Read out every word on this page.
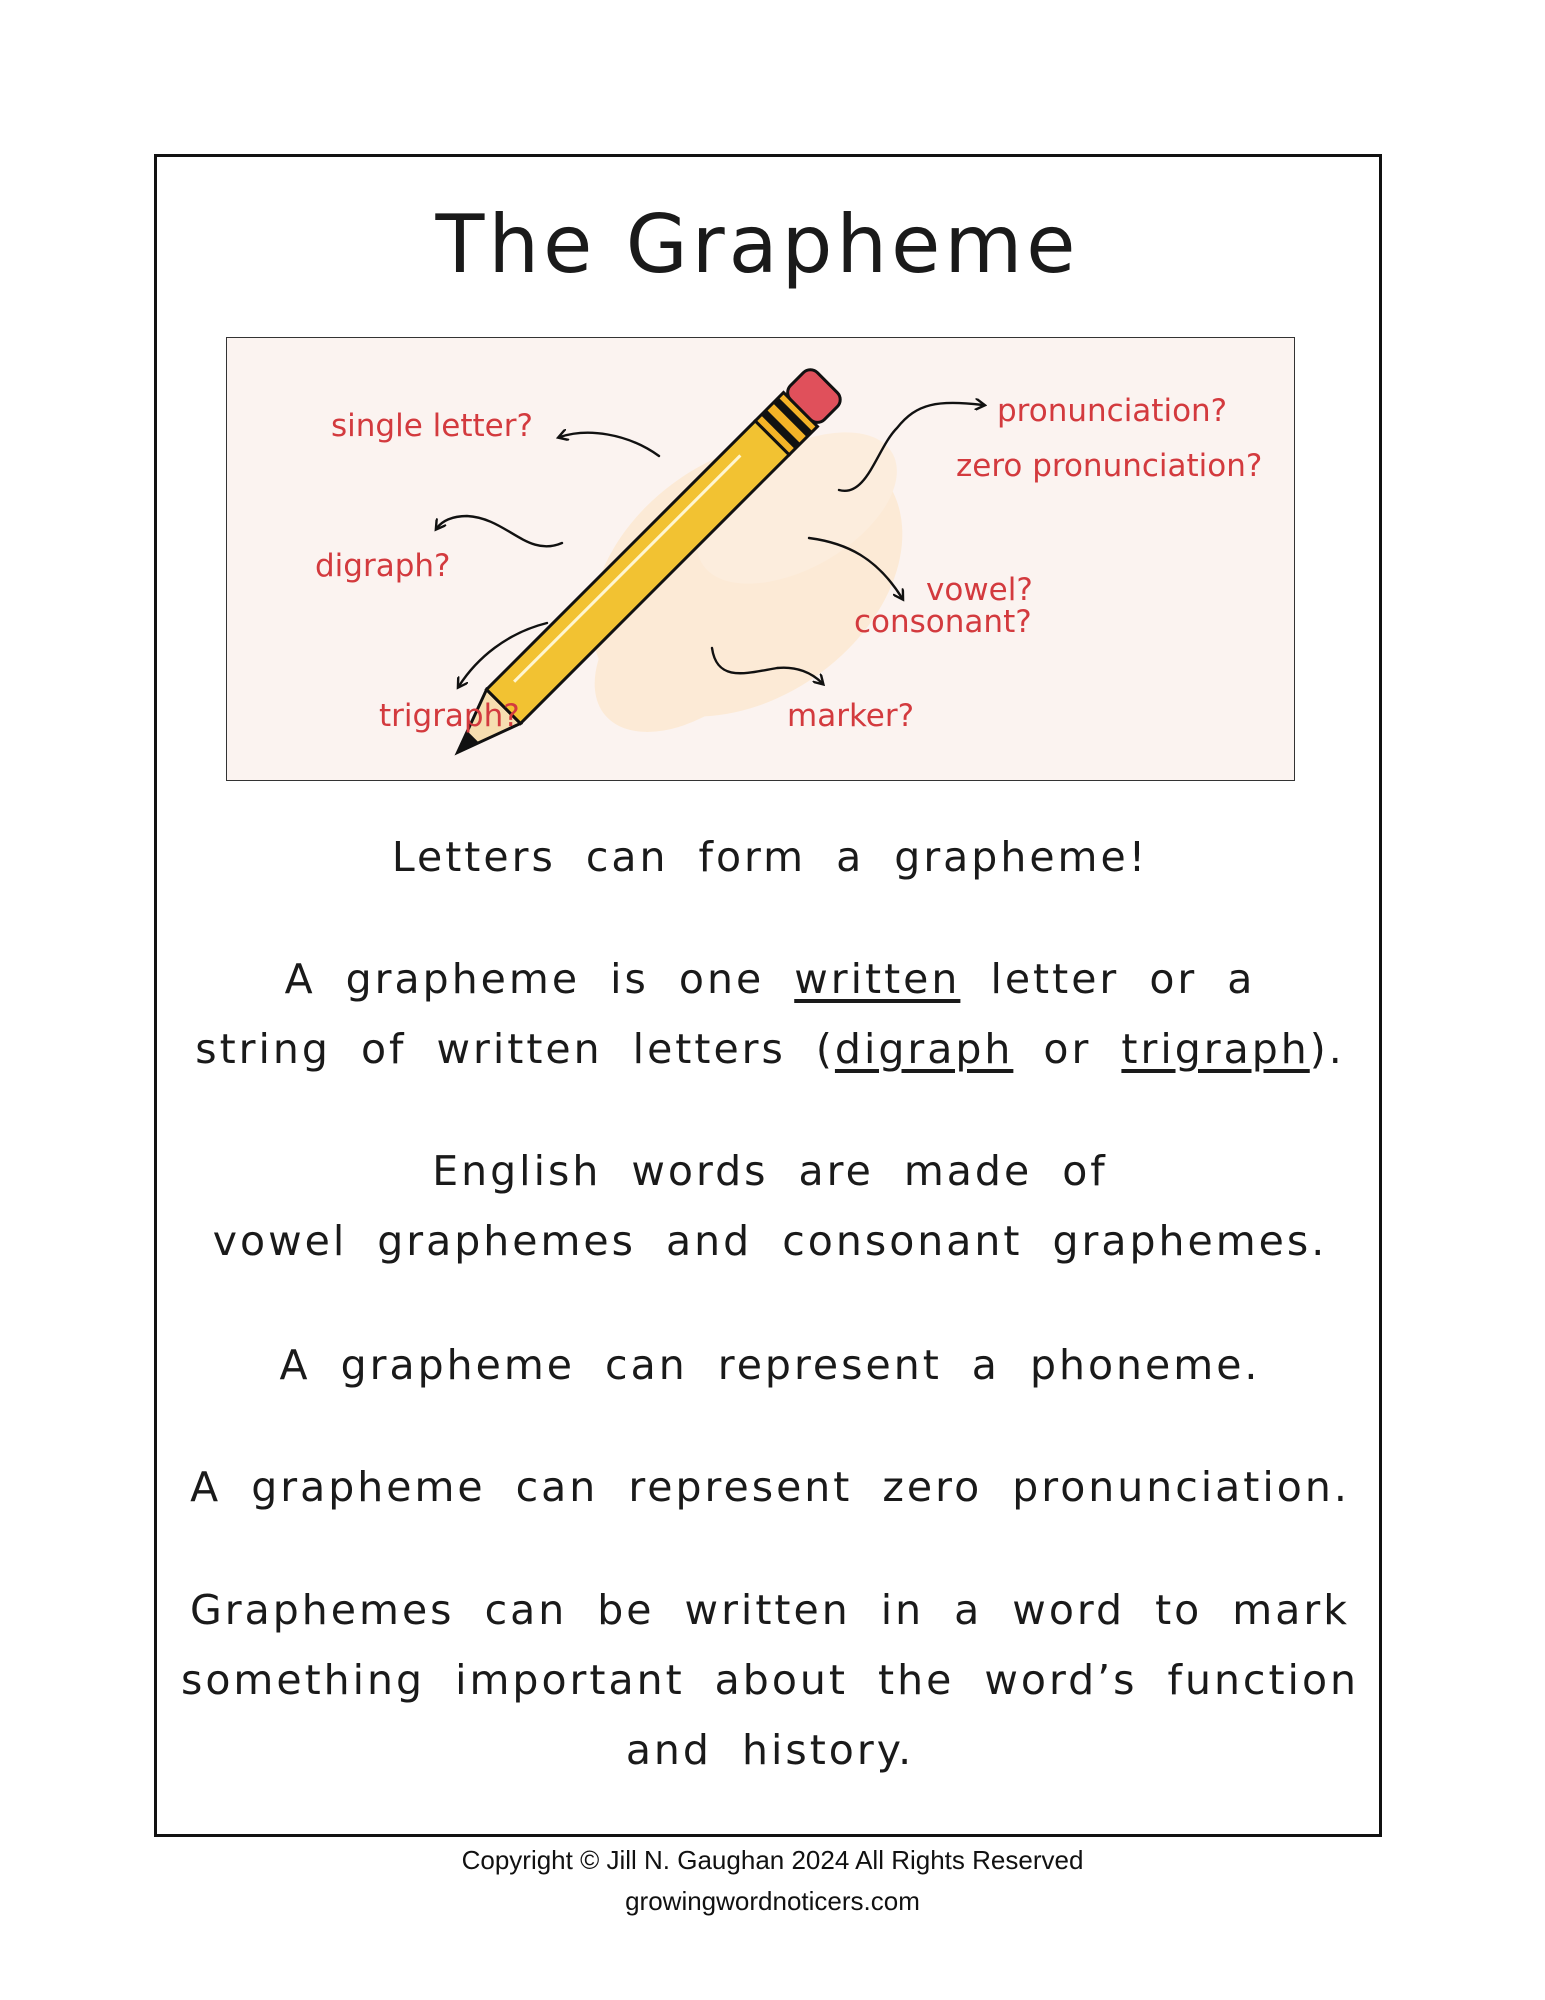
The Grapheme
single letter?
digraph?
trigraph?
pronunciation?
zero pronunciation?
vowel?
consonant?
marker?

Letters can form a grapheme!

A grapheme is one written letter or a

string of written letters (digraph or trigraph).

English words are made of

vowel graphemes and consonant graphemes.

A grapheme can represent a phoneme.

A grapheme can represent zero pronunciation.

Graphemes can be written in a word to mark

something important about the word’s function

and history.

Copyright © Jill N. Gaughan 2024 All Rights Reserved
growingwordnoticers.com
